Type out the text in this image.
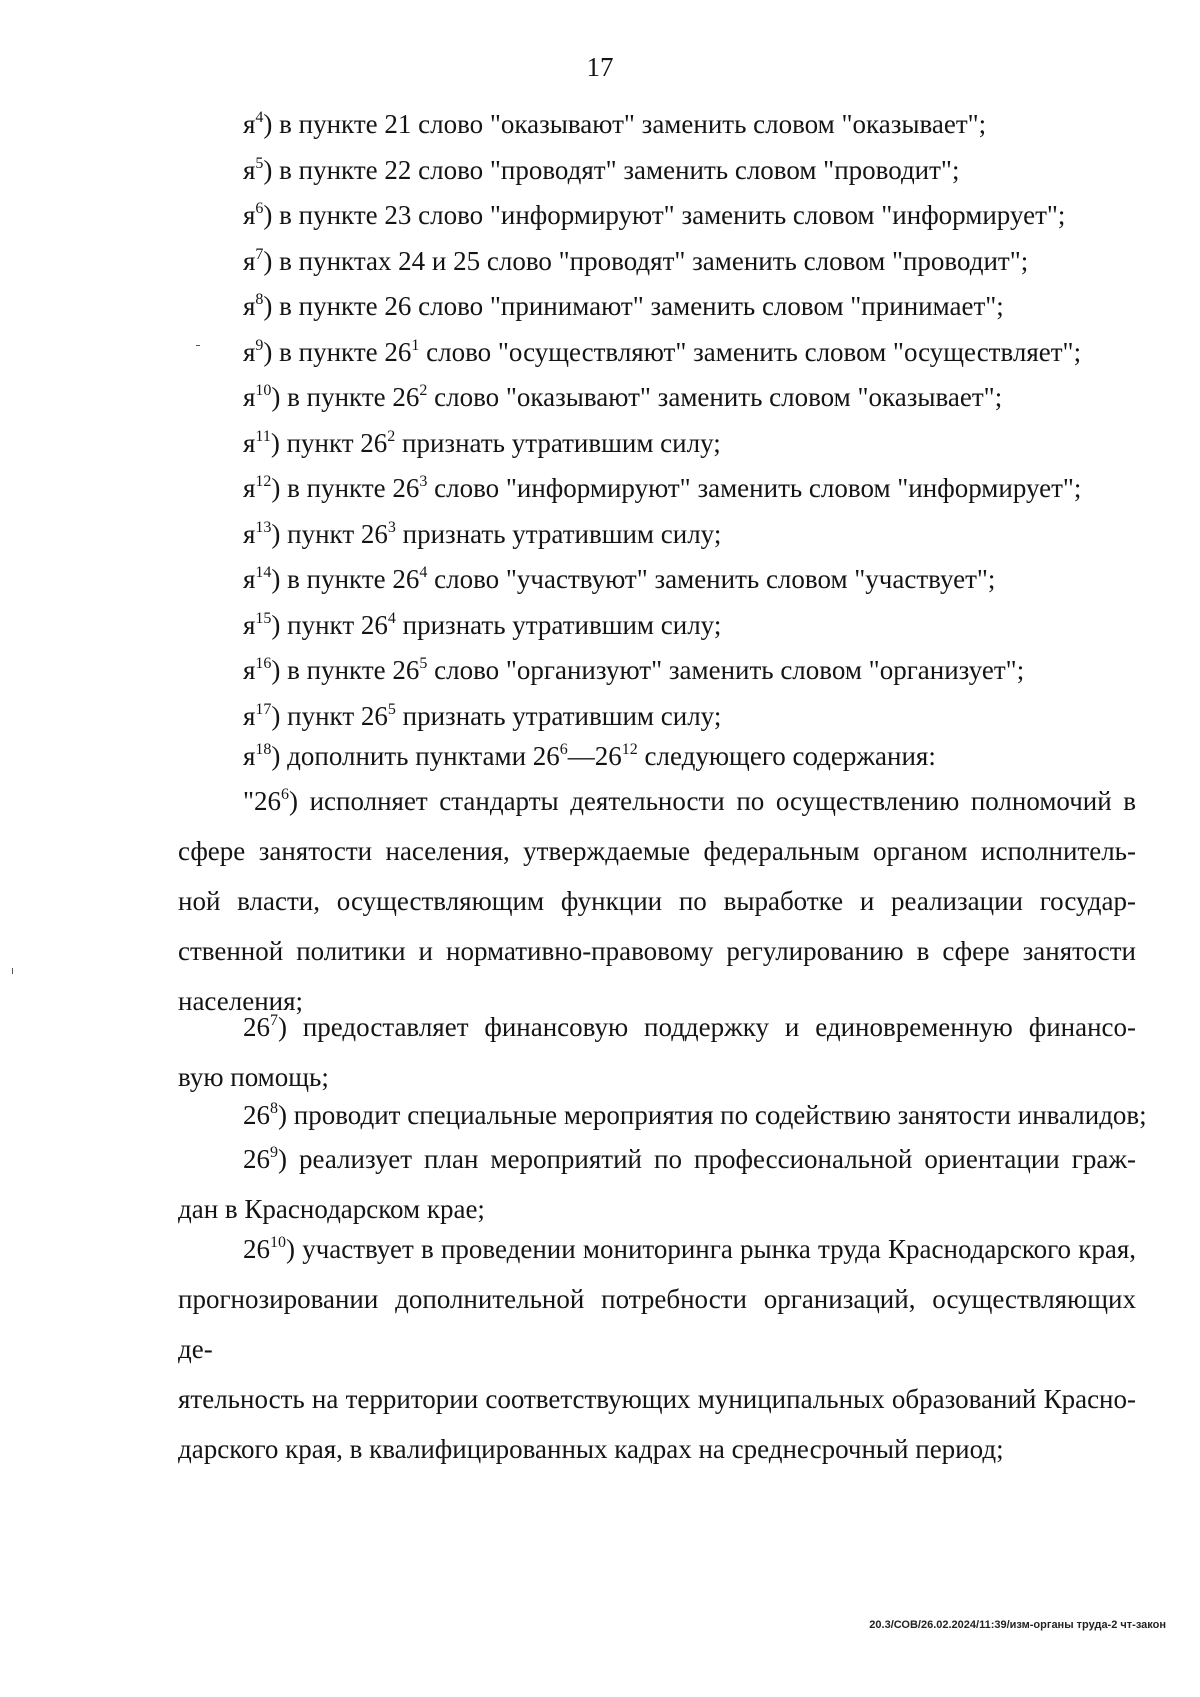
17
$я^4$) в пункте 21 слово "оказывают" заменить словом "оказывает";
$я^5$) в пункте 22 слово "проводят" заменить словом "проводит";
$я^6$) в пункте 23 слово "информируют" заменить словом "информирует";
$я^7$) в пунктах 24 и 25 слово "проводят" заменить словом "проводит";
$я^8$) в пункте 26 слово "принимают" заменить словом "принимает";
$я^9$) в пункте $26^1$ слово "осуществляют" заменить словом "осуществляет";
$я^{10}$) в пункте $26^2$ слово "оказывают" заменить словом "оказывает";
$я^{11}$) пункт $26^2$ признать утратившим силу;
$я^{12}$) в пункте $26^3$ слово "информируют" заменить словом "информирует";
$я^{13}$) пункт $26^3$ признать утратившим силу;
$я^{14}$) в пункте $26^4$ слово "участвуют" заменить словом "участвует";
$я^{15}$) пункт $26^4$ признать утратившим силу;
$я^{16}$) в пункте $26^5$ слово "организуют" заменить словом "организует";
$я^{17}$) пункт $26^5$ признать утратившим силу;
$я^{18}$) дополнить пунктами $26^6—26^{12}$ следующего содержания:
"$26^6$) исполняет стандарты деятельности по осуществлению полномочий в
сфере занятости населения, утверждаемые федеральным органом исполнитель-
ной власти, осуществляющим функции по выработке и реализации государ-
ственной политики и нормативно-правовому регулированию в сфере занятости
населения;
$26^7$) предоставляет финансовую поддержку и единовременную финансо-
вую помощь;
$26^8$) проводит специальные мероприятия по содействию занятости инвалидов;
$26^9$) реализует план мероприятий по профессиональной ориентации граж-
дан в Краснодарском крае;
$26^{10}$) участвует в проведении мониторинга рынка труда Краснодарского края,
прогнозировании дополнительной потребности организаций, осуществляющих де-
ятельность на территории соответствующих муниципальных образований Красно-
дарского края, в квалифицированных кадрах на среднесрочный период;
20.3/СОВ/26.02.2024/11:39/изм-органы труда-2 чт-закон
